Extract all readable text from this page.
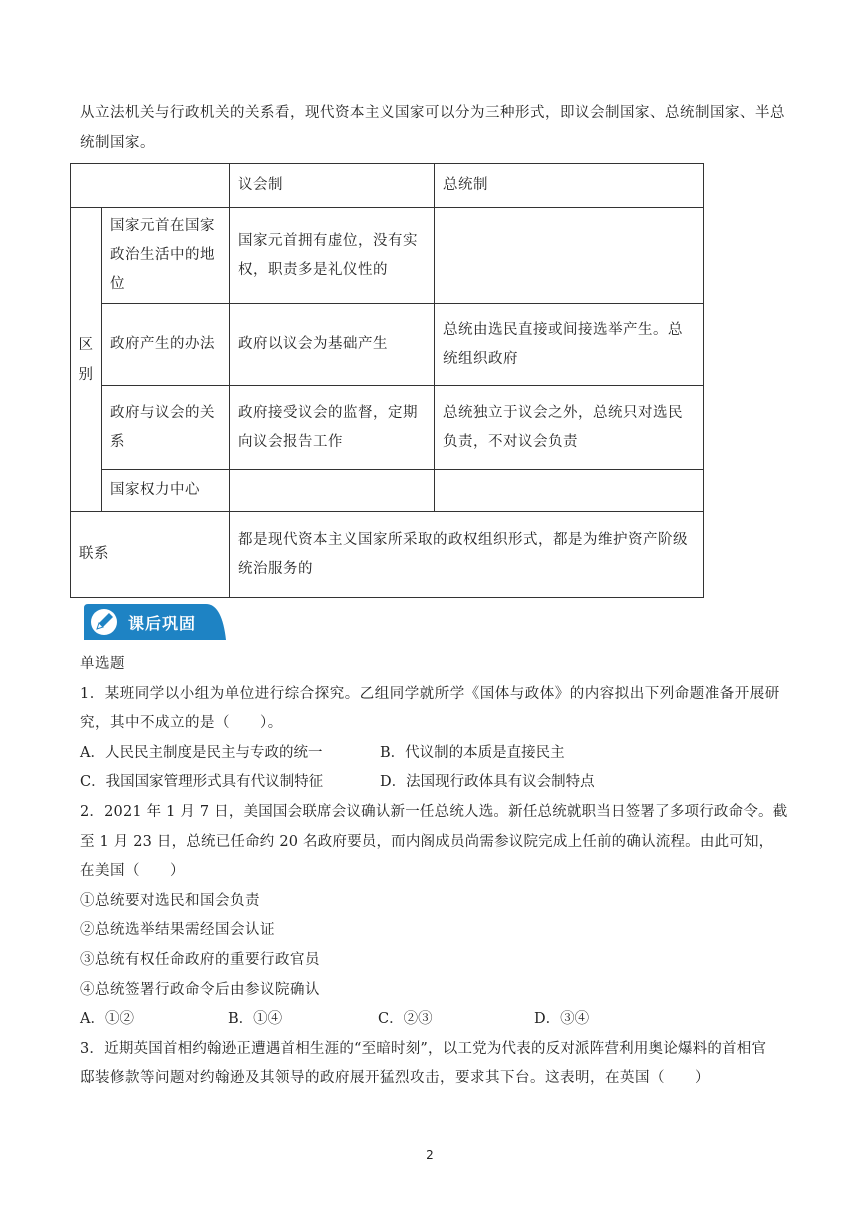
从立法机关与行政机关的关系看，现代资本主义国家可以分为三种形式，即议会制国家、总统制国家、半总统制国家。

		议会制	总统制
区别	国家元首在国家政治生活中的地位	国家元首拥有虚位，没有实权，职责多是礼仪性的	
	政府产生的办法	政府以议会为基础产生	总统由选民直接或间接选举产生。总统组织政府
	政府与议会的关系	政府接受议会的监督，定期向议会报告工作	总统独立于议会之外，总统只对选民负责，不对议会负责
	国家权力中心		
联系		都是现代资本主义国家所采取的政权组织形式，都是为维护资产阶级统治服务的	
课后巩固
单选题
1．某班同学以小组为单位进行综合探究。乙组同学就所学《国体与政体》的内容拟出下列命题准备开展研究，其中不成立的是（　　）。
A．人民民主制度是民主与专政的统一	B．代议制的本质是直接民主
C．我国国家管理形式具有代议制特征	D．法国现行政体具有议会制特点
2．2021 年 1 月 7 日，美国国会联席会议确认新一任总统人选。新任总统就职当日签署了多项行政命令。截
至 1 月 23 日，总统已任命约 20 名政府要员，而内阁成员尚需参议院完成上任前的确认流程。由此可知，
在美国（　　）
①总统要对选民和国会负责
②总统选举结果需经国会认证
③总统有权任命政府的重要行政官员
④总统签署行政命令后由参议院确认
A．①②	B．①④	C．②③	D．③④
3．近期英国首相约翰逊正遭遇首相生涯的“至暗时刻”，以工党为代表的反对派阵营利用奥论爆料的首相官
邸装修款等问题对约翰逊及其领导的政府展开猛烈攻击，要求其下台。这表明，在英国（　　）
2
